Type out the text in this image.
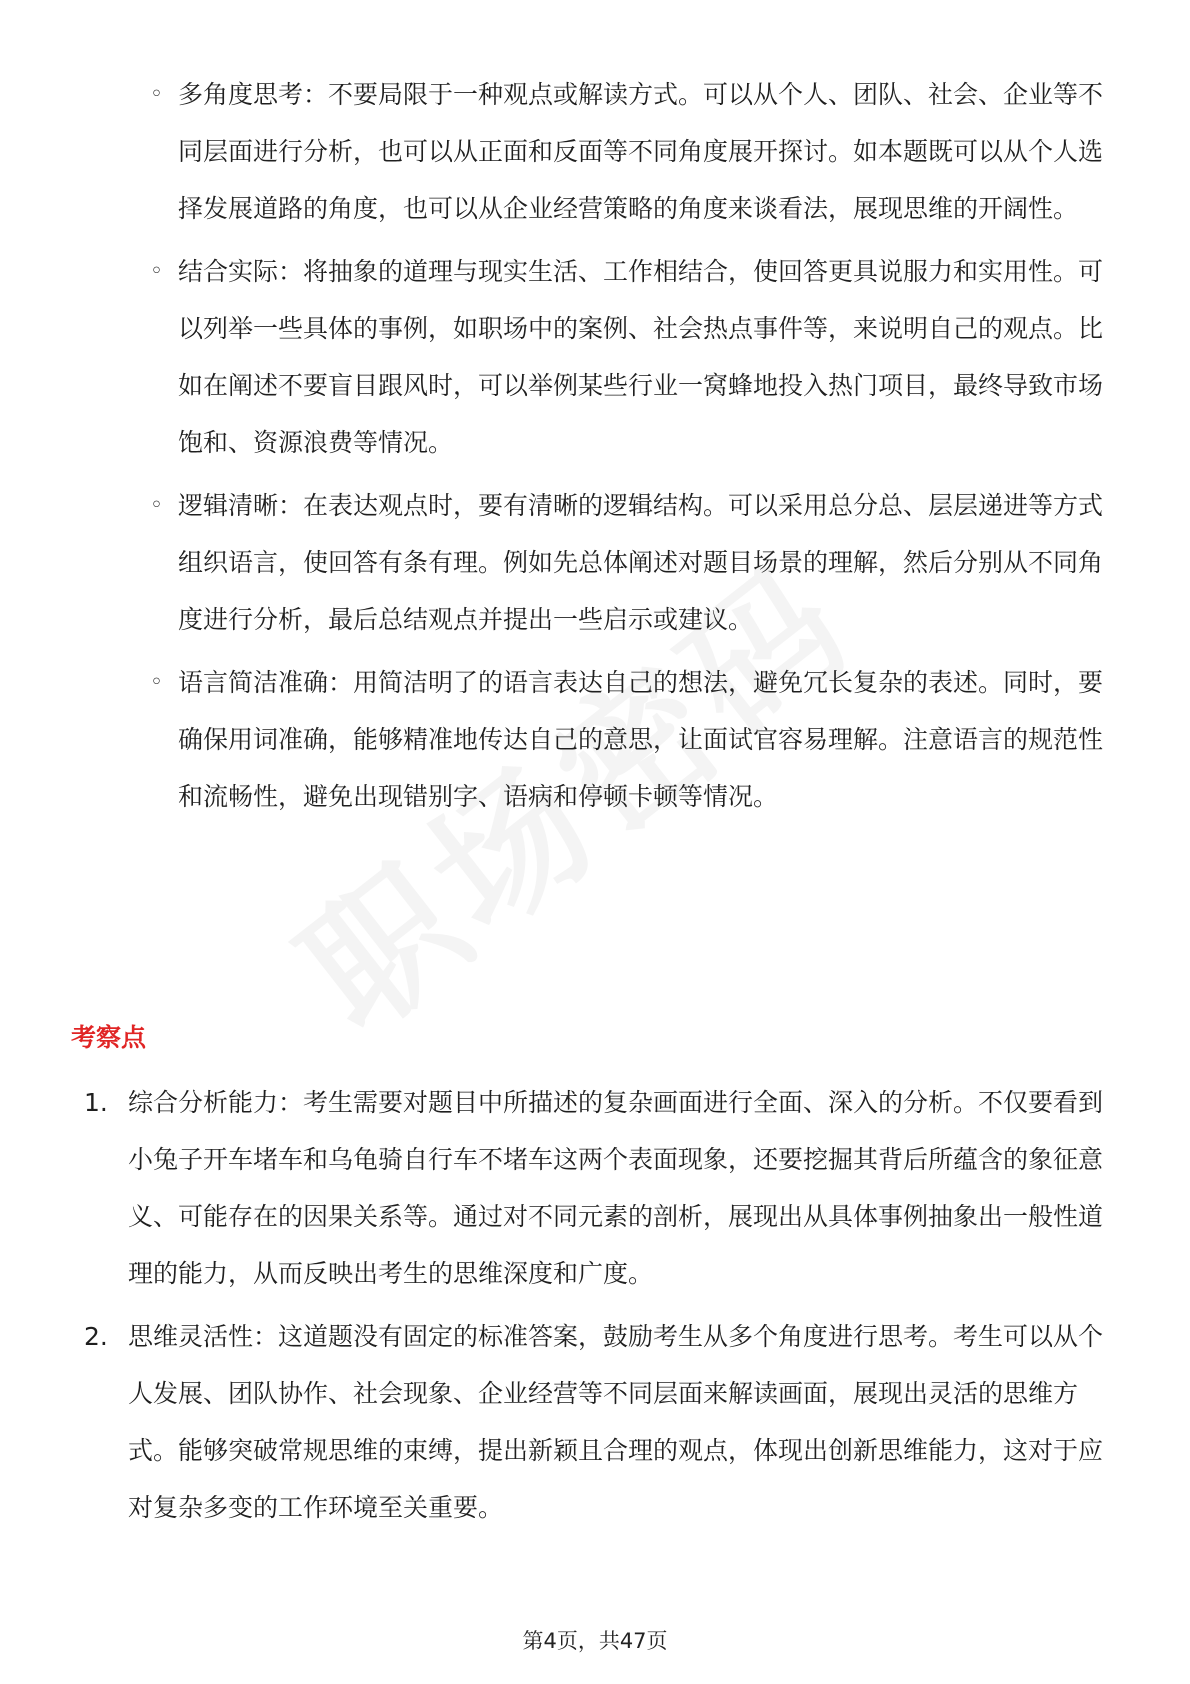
◦ 多角度思考：不要局限于一种观点或解读方式。可以从个人、团队、社会、企业等不同层面进行分析，也可以从正面和反面等不同角度展开探讨。如本题既可以从个人选择发展道路的角度，也可以从企业经营策略的角度来谈看法，展现思维的开阔性。
◦ 结合实际：将抽象的道理与现实生活、工作相结合，使回答更具说服力和实用性。可以列举一些具体的事例，如职场中的案例、社会热点事件等，来说明自己的观点。比如在阐述不要盲目跟风时，可以举例某些行业一窝蜂地投入热门项目，最终导致市场饱和、资源浪费等情况。
◦ 逻辑清晰：在表达观点时，要有清晰的逻辑结构。可以采用总分总、层层递进等方式组织语言，使回答有条有理。例如先总体阐述对题目场景的理解，然后分别从不同角度进行分析，最后总结观点并提出一些启示或建议。
◦ 语言简洁准确：用简洁明了的语言表达自己的想法，避免冗长复杂的表述。同时，要确保用词准确，能够精准地传达自己的意思，让面试官容易理解。注意语言的规范性和流畅性，避免出现错别字、语病和停顿卡顿等情况。
考察点
1. 综合分析能力：考生需要对题目中所描述的复杂画面进行全面、深入的分析。不仅要看到小兔子开车堵车和乌龟骑自行车不堵车这两个表面现象，还要挖掘其背后所蕴含的象征意义、可能存在的因果关系等。通过对不同元素的剖析，展现出从具体事例抽象出一般性道理的能力，从而反映出考生的思维深度和广度。
2. 思维灵活性：这道题没有固定的标准答案，鼓励考生从多个角度进行思考。考生可以从个人发展、团队协作、社会现象、企业经营等不同层面来解读画面，展现出灵活的思维方式。能够突破常规思维的束缚，提出新颖且合理的观点，体现出创新思维能力，这对于应对复杂多变的工作环境至关重要。
第4页，共47页
